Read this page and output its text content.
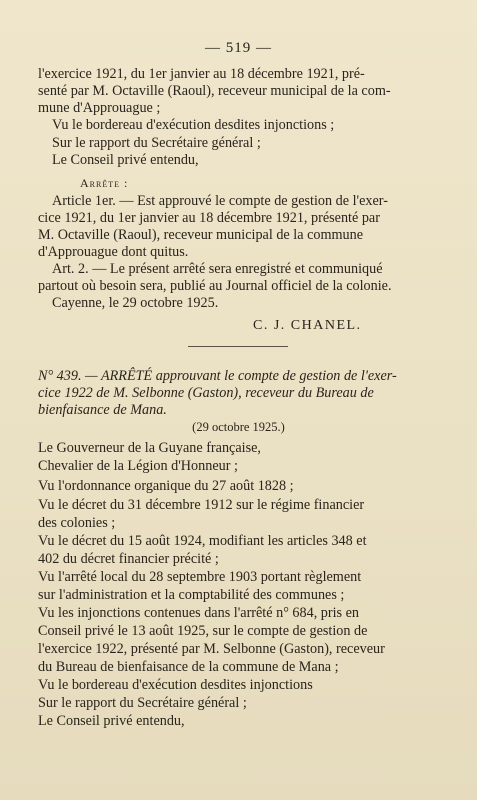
— 519 —
l'exercice 1921, du 1er janvier au 18 décembre 1921, pré-
senté par M. Octaville (Raoul), receveur municipal de la com-
mune d'Approuague ;
Vu le bordereau d'exécution desdites injonctions ;
Sur le rapport du Secrétaire général ;
Le Conseil privé entendu,
Arrête :
Article 1er. — Est approuvé le compte de gestion de l'exer-
cice 1921, du 1er janvier au 18 décembre 1921, présenté par
M. Octaville (Raoul), receveur municipal de la commune
d'Approuague dont quitus.
Art. 2. — Le présent arrêté sera enregistré et communiqué
partout où besoin sera, publié au Journal officiel de la colonie.
Cayenne, le 29 octobre 1925.
C. J. CHANEL.
N° 439. — ARRÊTÉ approuvant le compte de gestion de l'exer-
cice 1922 de M. Selbonne (Gaston), receveur du Bureau de
bienfaisance de Mana.
(29 octobre 1925.)
Le Gouverneur de la Guyane française,
Chevalier de la Légion d'Honneur ;
Vu l'ordonnance organique du 27 août 1828 ;
Vu le décret du 31 décembre 1912 sur le régime financier
des colonies ;
Vu le décret du 15 août 1924, modifiant les articles 348 et
402 du décret financier précité ;
Vu l'arrêté local du 28 septembre 1903 portant règlement
sur l'administration et la comptabilité des communes ;
Vu les injonctions contenues dans l'arrêté n° 684, pris en
Conseil privé le 13 août 1925, sur le compte de gestion de
l'exercice 1922, présenté par M. Selbonne (Gaston), receveur
du Bureau de bienfaisance de la commune de Mana ;
Vu le bordereau d'exécution desdites injonctions
Sur le rapport du Secrétaire général ;
Le Conseil privé entendu,
